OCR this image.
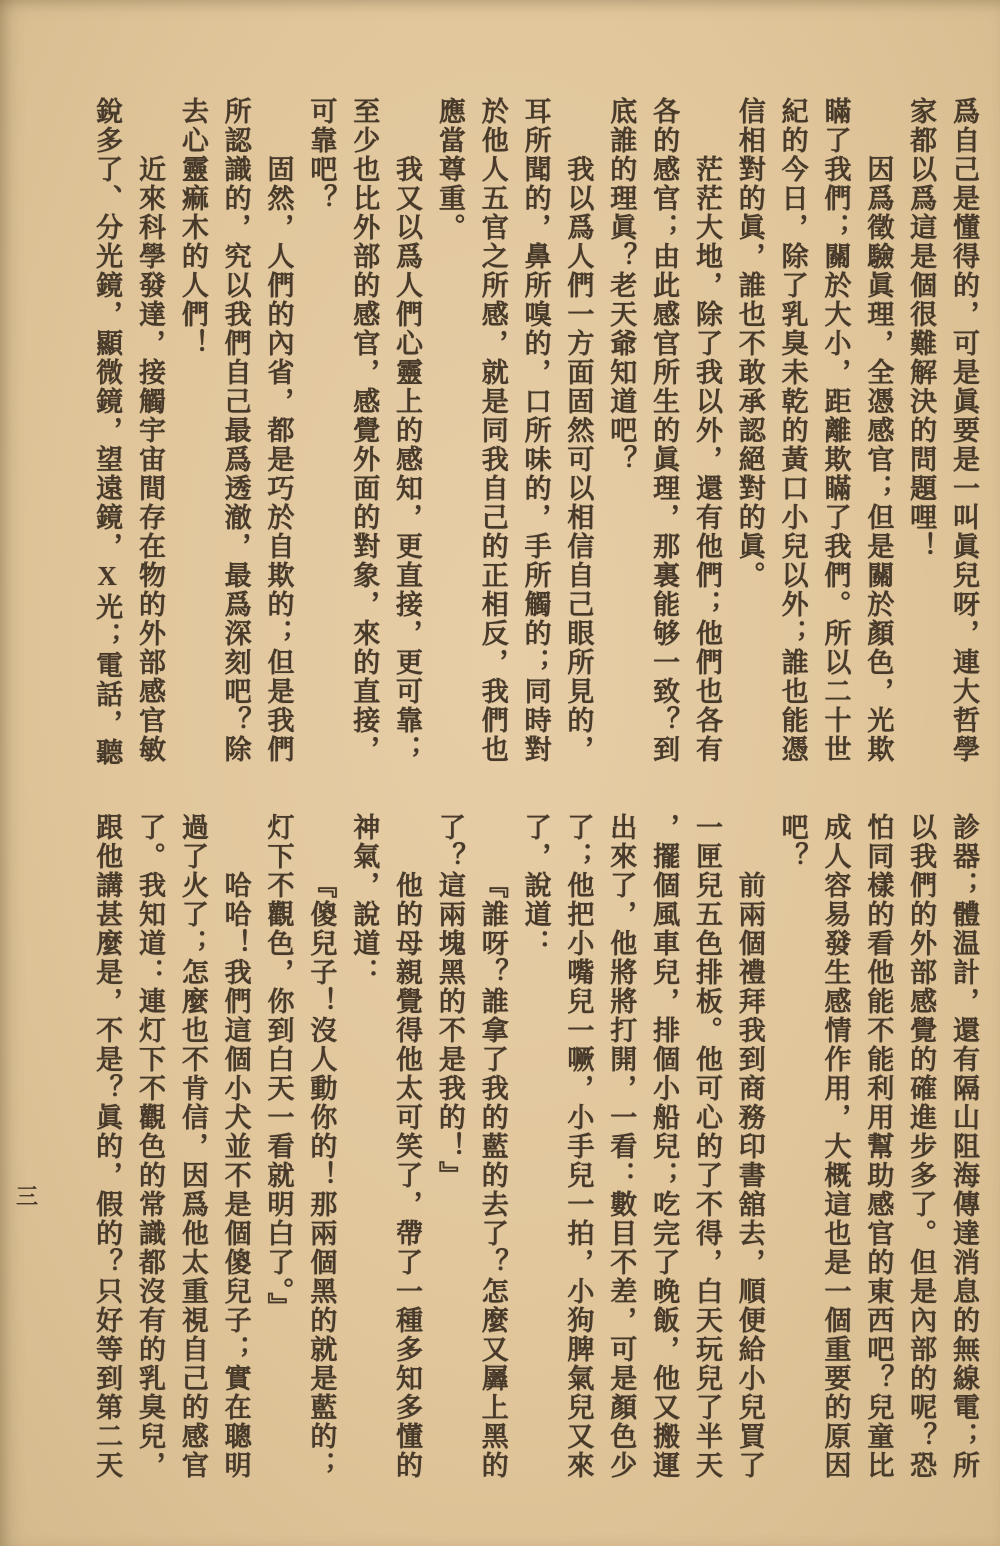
爲自己是懂得的，可是眞要是一叫眞兒呀，連大哲學
家都以爲這是個很難解決的問題哩！
因爲徵驗眞理，全憑感官；但是關於顏色，光欺
瞞了我們；關於大小，距離欺瞞了我們。所以二十世
紀的今日，除了乳臭未乾的黃口小兒以外；誰也能憑
信相對的眞，誰也不敢承認絕對的眞。
茫茫大地，除了我以外，還有他們；他們也各有
各的感官；由此感官所生的眞理，那裏能够一致？到
底誰的理眞？老天爺知道吧？
我以爲人們一方面固然可以相信自己眼所見的，
耳所聞的，鼻所嗅的，口所味的，手所觸的；同時對
於他人五官之所感，就是同我自己的正相反，我們也
應當尊重。
我又以爲人們心靈上的感知，更直接，更可靠；
至少也比外部的感官，感覺外面的對象，來的直接，
可靠吧？
固然，人們的內省，都是巧於自欺的；但是我們
所認識的，究以我們自己最爲透澈，最爲深刻吧？除
去心靈痲木的人們！
近來科學發達，接觸宇宙間存在物的外部感官敏
銳多了、分光鏡，顯微鏡，望遠鏡，X光；電話，聽
診器；體温計，還有隔山阻海傳達消息的無線電；所
以我們的外部感覺的確進步多了。但是內部的呢？恐
怕同樣的看他能不能利用幫助感官的東西吧？兒童比
成人容易發生感情作用，大概這也是一個重要的原因
吧？
前兩個禮拜我到商務印書舘去，順便給小兒買了
一匣兒五色排板。他可心的了不得，白天玩兒了半天
，擺個風車兒，排個小船兒；吃完了晚飯，他又搬運
出來了，他將將打開，一看：數目不差，可是顏色少
了；他把小嘴兒一噘，小手兒一拍，小狗脾氣兒又來
了，說道：
『誰呀？誰拿了我的藍的去了？怎麼又羼上黑的
了？這兩塊黑的不是我的！』
他的母親覺得他太可笑了，帶了一種多知多懂的
神氣，說道：
『傻兒子！沒人動你的！那兩個黑的就是藍的；
灯下不觀色，你到白天一看就明白了。』
哈哈！我們這個小犬並不是個傻兒子；實在聰明
過了火了；怎麼也不肯信，因爲他太重視自己的感官
了。我知道：連灯下不觀色的常識都沒有的乳臭兒，
跟他講甚麼是，不是？眞的，假的？只好等到第二天
三
